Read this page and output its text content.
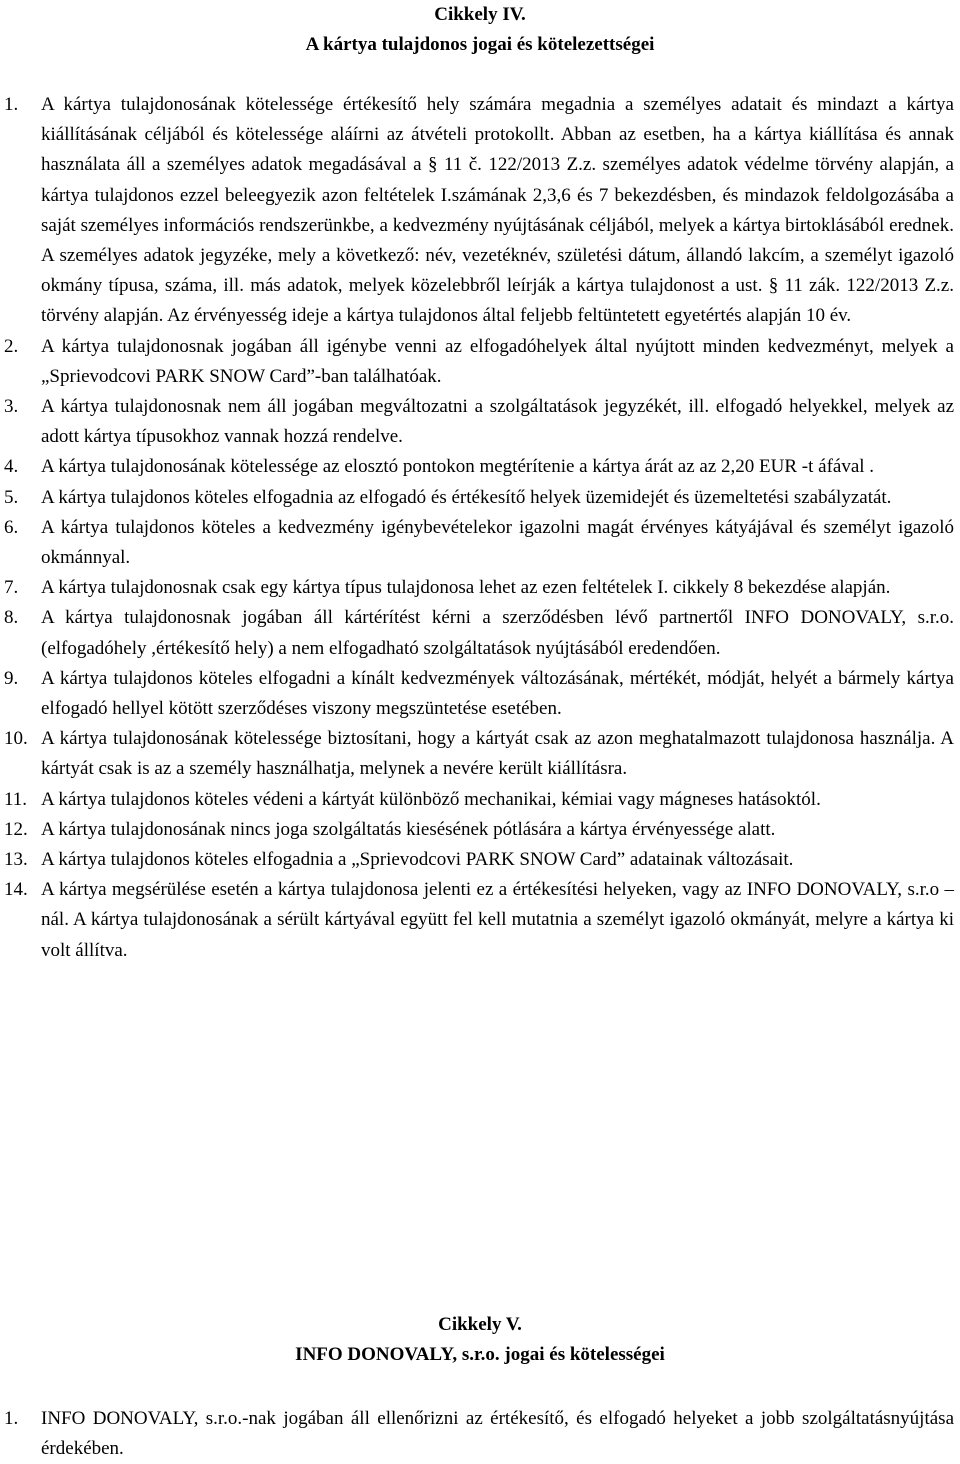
Cikkely IV.
A kártya tulajdonos jogai és kötelezettségei
1. A kártya tulajdonosának kötelessége értékesítő hely számára megadnia a személyes adatait és mindazt a kártya kiállításának céljából és kötelessége aláírni az átvételi protokollt. Abban az esetben, ha a kártya kiállítása és annak használata áll a személyes adatok megadásával a § 11 č. 122/2013 Z.z. személyes adatok védelme törvény alapján, a kártya tulajdonos ezzel beleegyezik azon feltételek I.számának 2,3,6 és 7 bekezdésben, és mindazok feldolgozásába a saját személyes információs rendszerünkbe, a kedvezmény nyújtásának céljából, melyek a kártya birtoklásából erednek. A személyes adatok jegyzéke, mely a következő: név, vezetéknév, születési dátum, állandó lakcím, a személyt igazoló okmány típusa, száma, ill. más adatok, melyek közelebbről leírják a kártya tulajdonost a ust. § 11 zák. 122/2013 Z.z. törvény alapján. Az érvényesség ideje a kártya tulajdonos által feljebb feltüntetett egyetértés alapján 10 év.
2. A kártya tulajdonosnak jogában áll igénybe venni az elfogadóhelyek által nyújtott minden kedvezményt, melyek a „Sprievodcovi PARK SNOW Card”-ban találhatóak.
3. A kártya tulajdonosnak nem áll jogában megváltozatni a szolgáltatások jegyzékét, ill. elfogadó helyekkel, melyek az adott kártya típusokhoz vannak hozzá rendelve.
4. A kártya tulajdonosának kötelessége az elosztó pontokon megtérítenie a kártya árát az az 2,20 EUR -t áfával .
5. A kártya tulajdonos köteles elfogadnia az elfogadó és értékesítő helyek üzemidejét és üzemeltetési szabályzatát.
6. A kártya tulajdonos köteles a kedvezmény igénybevételekor igazolni magát érvényes kátyájával és személyt igazoló okmánnyal.
7. A kártya tulajdonosnak csak egy kártya típus tulajdonosa lehet az ezen feltételek I. cikkely 8 bekezdése alapján.
8. A kártya tulajdonosnak jogában áll kártérítést kérni a szerződésben lévő partnertől INFO DONOVALY, s.r.o.(elfogadóhely ,értékesítő hely) a nem elfogadható szolgáltatások nyújtásából eredendően.
9. A kártya tulajdonos köteles elfogadni a kínált kedvezmények változásának, mértékét, módját, helyét a bármely kártya elfogadó hellyel kötött szerződéses viszony megszüntetése esetében.
10. A kártya tulajdonosának kötelessége biztosítani, hogy a kártyát csak az azon meghatalmazott tulajdonosa használja. A kártyát csak is az a személy használhatja, melynek a nevére került kiállításra.
11. A kártya tulajdonos köteles védeni a kártyát különböző mechanikai, kémiai vagy mágneses hatásoktól.
12. A kártya tulajdonosának nincs joga szolgáltatás kiesésének pótlására a kártya érvényessége alatt.
13. A kártya tulajdonos köteles elfogadnia a „Sprievodcovi PARK SNOW Card” adatainak változásait.
14. A kártya megsérülése esetén a kártya tulajdonosa jelenti ez a értékesítési helyeken, vagy az INFO DONOVALY, s.r.o –nál. A kártya tulajdonosának a sérült kártyával együtt fel kell mutatnia a személyt igazoló okmányát, melyre a kártya ki volt állítva.
Cikkely V.
INFO DONOVALY, s.r.o. jogai és kötelességei
1. INFO DONOVALY, s.r.o.-nak jogában áll ellenőrizni az értékesítő, és elfogadó helyeket a jobb szolgáltatásnyújtása érdekében.
